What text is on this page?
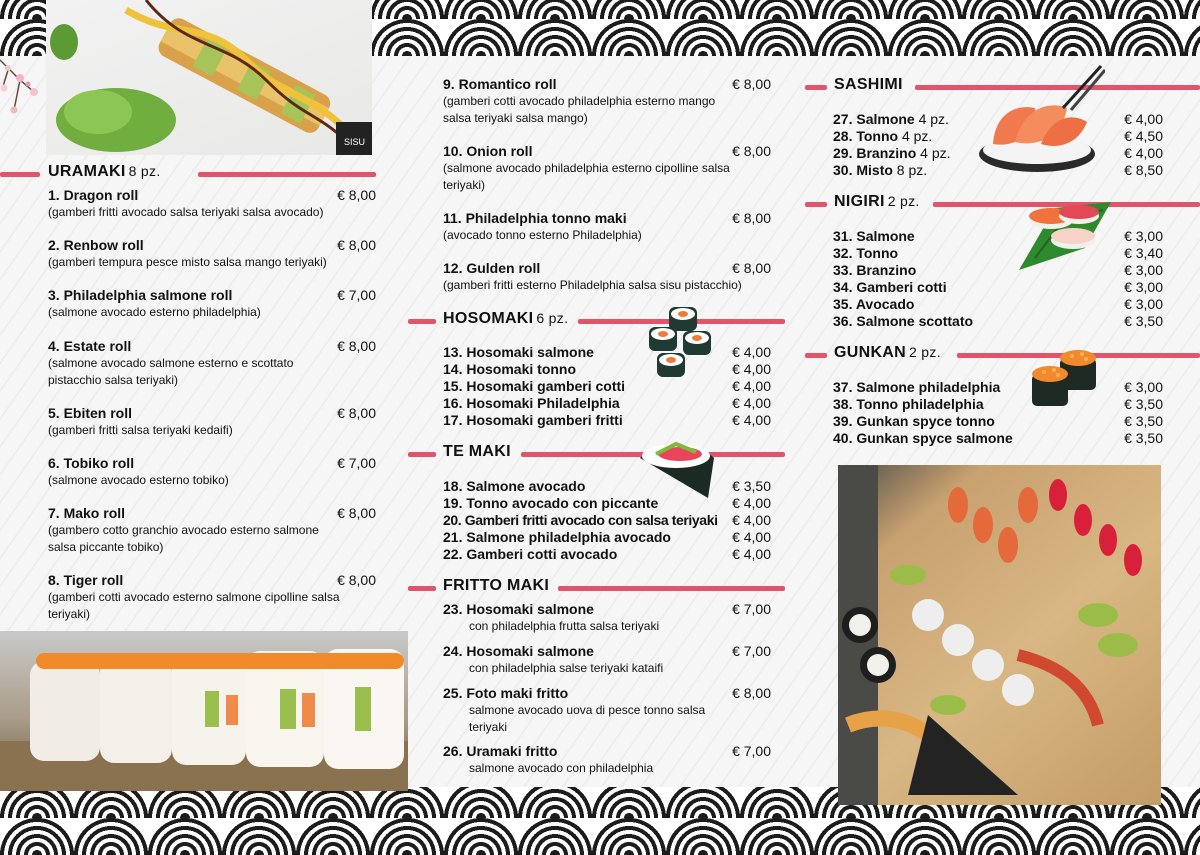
SISU
URAMAKI 8 pz.
1. Dragon roll	€ 8,00
(gamberi fritti avocado salsa teriyaki salsa avocado)
2. Renbow roll	€ 8,00
(gamberi tempura pesce misto salsa mango teriyaki)
3. Philadelphia salmone roll	€ 7,00
(salmone avocado esterno philadelphia)
4. Estate roll	€ 8,00
(salmone avocado salmone esterno e scottato pistacchio salsa teriyaki)
5. Ebiten roll	€ 8,00
(gamberi fritti salsa teriyaki kedaifi)
6. Tobiko roll	€ 7,00
(salmone avocado esterno tobiko)
7. Mako roll	€ 8,00
(gambero cotto granchio avocado esterno salmone salsa piccante tobiko)
8. Tiger roll	€ 8,00
(gamberi cotti avocado esterno salmone cipolline salsa teriyaki)
9. Romantico roll	€ 8,00
(gamberi cotti avocado philadelphia esterno mango salsa teriyaki salsa mango)
10. Onion roll	€ 8,00
(salmone avocado philadelphia esterno cipolline salsa teriyaki)
11. Philadelphia tonno maki	€ 8,00
(avocado tonno esterno Philadelphia)
12. Gulden roll	€ 8,00
(gamberi fritti esterno Philadelphia salsa sisu pistacchio)
HOSOMAKI 6 pz.
13. Hosomaki salmone	€ 4,00
14. Hosomaki tonno	€ 4,00
15. Hosomaki gamberi cotti	€ 4,00
16. Hosomaki Philadelphia	€ 4,00
17. Hosomaki gamberi fritti	€ 4,00
TE MAKI
18. Salmone avocado	€ 3,50
19. Tonno avocado con piccante	€ 4,00
20. Gamberi fritti avocado con salsa teriyaki	€ 4,00
21. Salmone philadelphia avocado	€ 4,00
22. Gamberi cotti avocado	€ 4,00
FRITTO MAKI
23. Hosomaki salmone	€ 7,00
con philadelphia frutta salsa teriyaki
24. Hosomaki salmone	€ 7,00
con philadelphia salse teriyaki kataifi
25. Foto maki fritto	€ 8,00
salmone avocado uova di pesce tonno salsa teriyaki
26. Uramaki fritto	€ 7,00
salmone avocado con philadelphia
SASHIMI
27. Salmone 4 pz.	€ 4,00
28. Tonno 4 pz.	€ 4,50
29. Branzino 4 pz.	€ 4,00
30. Misto 8 pz.	€ 8,50
NIGIRI 2 pz.
31. Salmone	€ 3,00
32. Tonno	€ 3,40
33. Branzino	€ 3,00
34. Gamberi cotti	€ 3,00
35. Avocado	€ 3,00
36. Salmone scottato	€ 3,50
GUNKAN 2 pz.
37. Salmone philadelphia	€ 3,00
38. Tonno philadelphia	€ 3,50
39. Gunkan spyce tonno	€ 3,50
40. Gunkan spyce salmone	€ 3,50
